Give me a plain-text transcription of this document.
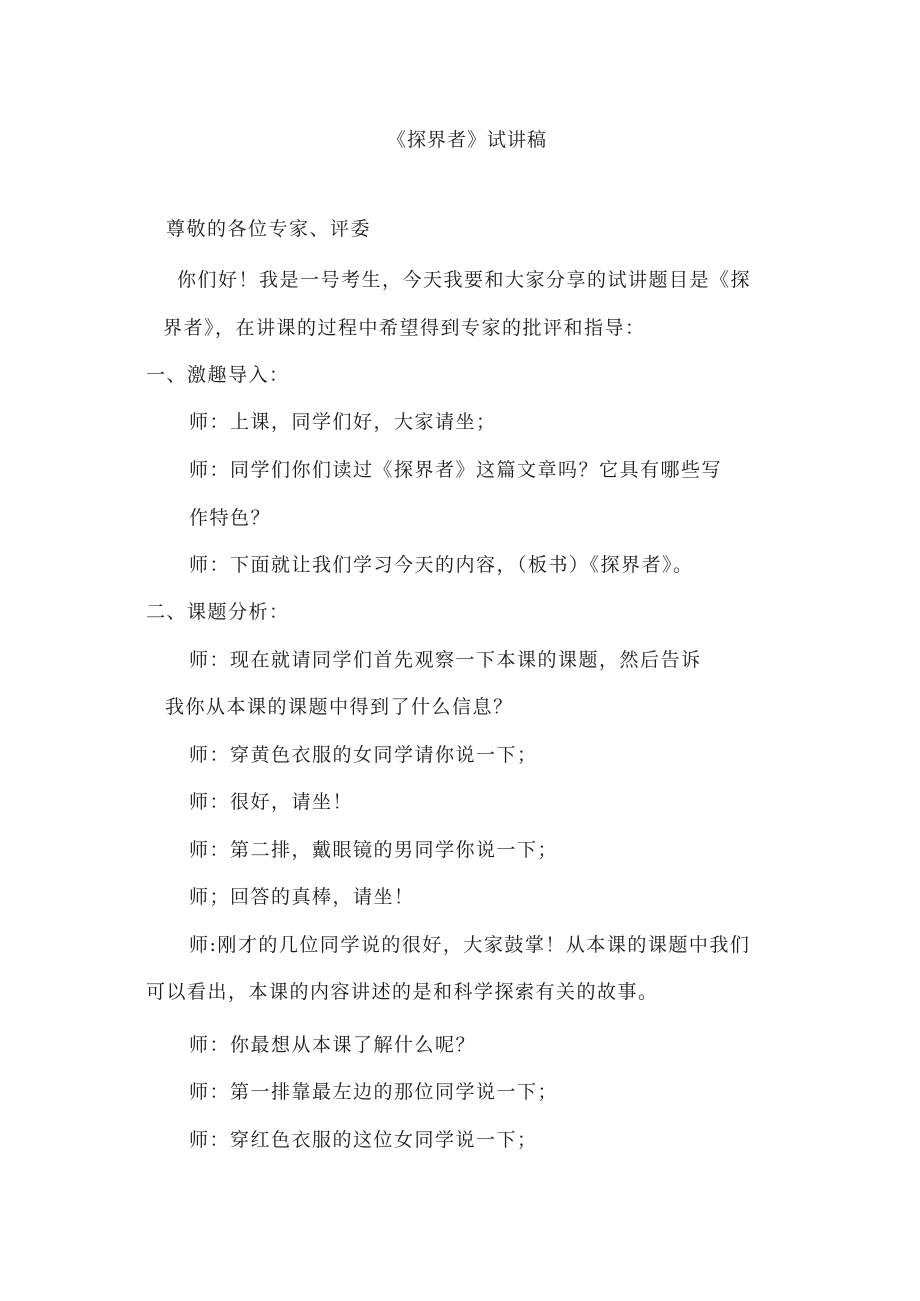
《探界者》试讲稿
尊敬的各位专家、评委
你们好！我是一号考生，今天我要和大家分享的试讲题目是《探
界者》，在讲课的过程中希望得到专家的批评和指导：
一、激趣导入：
师：上课，同学们好，大家请坐；
师：同学们你们读过《探界者》这篇文章吗？它具有哪些写
作特色？
师：下面就让我们学习今天的内容，（板书）《探界者》。
二、课题分析：
师：现在就请同学们首先观察一下本课的课题，然后告诉
我你从本课的课题中得到了什么信息？
师：穿黄色衣服的女同学请你说一下；
师：很好，请坐！
师：第二排，戴眼镜的男同学你说一下；
师；回答的真棒，请坐！
师:刚才的几位同学说的很好，大家鼓掌！从本课的课题中我们
可以看出，本课的内容讲述的是和科学探索有关的故事。
师：你最想从本课了解什么呢？
师：第一排靠最左边的那位同学说一下；
师：穿红色衣服的这位女同学说一下；
